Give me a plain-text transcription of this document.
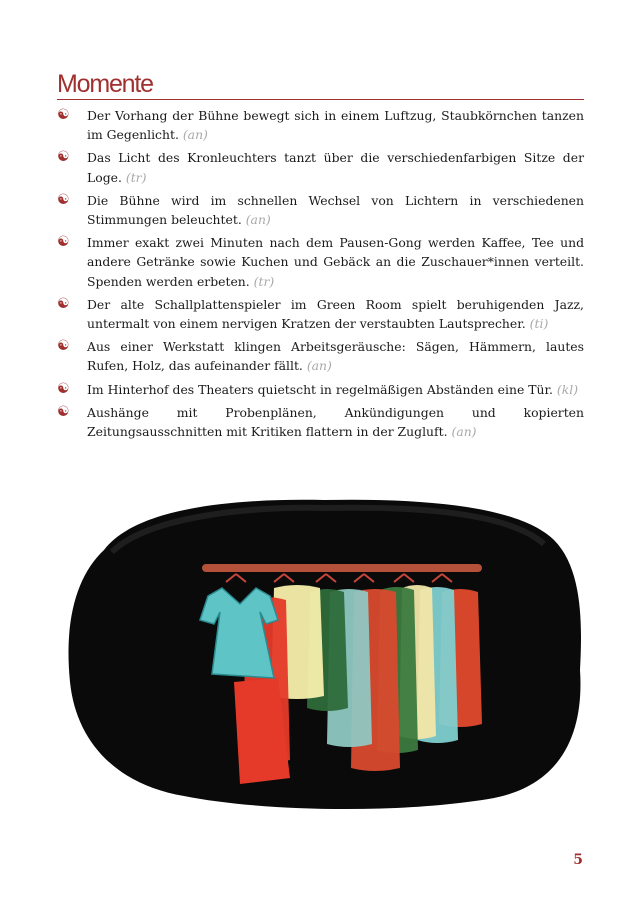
Momente
☯ Der Vorhang der Bühne bewegt sich in einem Luftzug, Staubkörnchen tanzen im Gegenlicht. (an)
☯ Das Licht des Kronleuchters tanzt über die verschiedenfarbigen Sitze der Loge. (tr)
☯ Die Bühne wird im schnellen Wechsel von Lichtern in verschiedenen Stimmungen beleuchtet. (an)
☯ Immer exakt zwei Minuten nach dem Pausen-Gong werden Kaffee, Tee und andere Getränke sowie Kuchen und Gebäck an die Zuschauer*innen verteilt. Spenden werden erbeten. (tr)
☯ Der alte Schallplattenspieler im Green Room spielt beruhigenden Jazz, untermalt von einem nervigen Kratzen der verstaubten Lautsprecher. (ti)
☯ Aus einer Werkstatt klingen Arbeitsgeräusche: Sägen, Hämmern, lautes Rufen, Holz, das aufeinander fällt. (an)
☯ Im Hinterhof des Theaters quietscht in regelmäßigen Abständen eine Tür. (kl)
☯ Aushänge mit Probenplänen, Ankündigungen und kopierten Zeitungsausschnitten mit Kritiken flattern in der Zugluft. (an)

5
